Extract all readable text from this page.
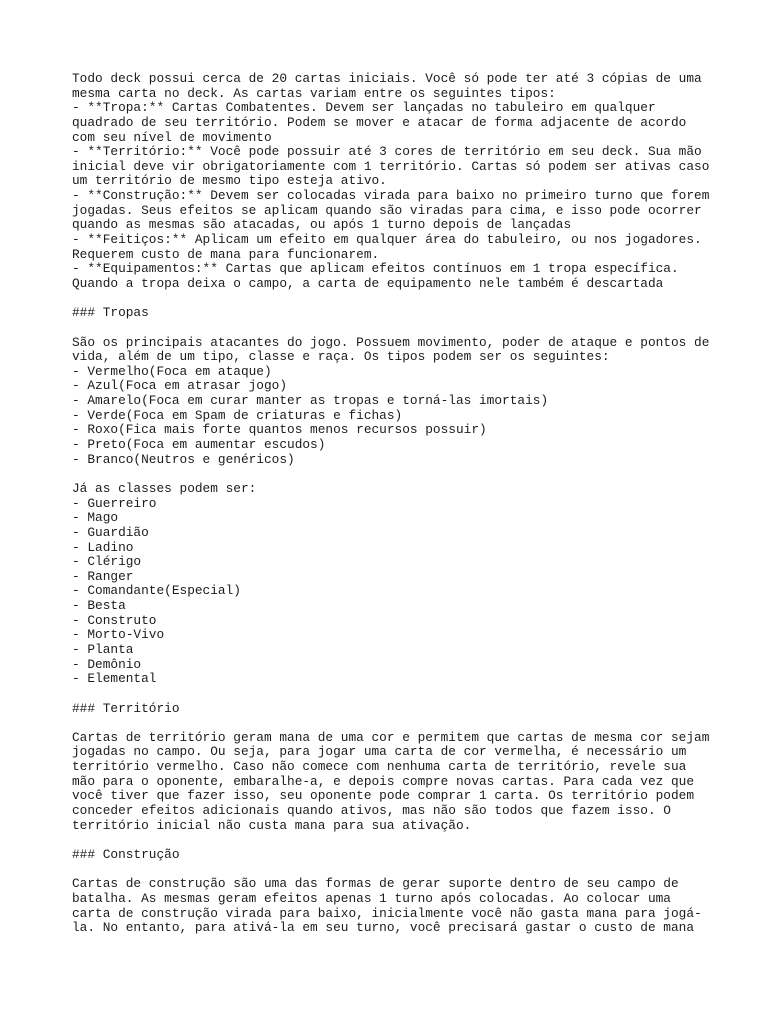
Todo deck possui cerca de 20 cartas iniciais. Você só pode ter até 3 cópias de uma
mesma carta no deck. As cartas variam entre os seguintes tipos:
- **Tropa:** Cartas Combatentes. Devem ser lançadas no tabuleiro em qualquer
quadrado de seu território. Podem se mover e atacar de forma adjacente de acordo
com seu nível de movimento
- **Território:** Você pode possuir até 3 cores de território em seu deck. Sua mão
inicial deve vir obrigatoriamente com 1 território. Cartas só podem ser ativas caso
um território de mesmo tipo esteja ativo.
- **Construção:** Devem ser colocadas virada para baixo no primeiro turno que forem
jogadas. Seus efeitos se aplicam quando são viradas para cima, e isso pode ocorrer
quando as mesmas são atacadas, ou após 1 turno depois de lançadas
- **Feitiços:** Aplicam um efeito em qualquer área do tabuleiro, ou nos jogadores.
Requerem custo de mana para funcionarem.
- **Equipamentos:** Cartas que aplicam efeitos contínuos em 1 tropa específica.
Quando a tropa deixa o campo, a carta de equipamento nele também é descartada
### Tropas
São os principais atacantes do jogo. Possuem movimento, poder de ataque e pontos de
vida, além de um tipo, classe e raça. Os tipos podem ser os seguintes:
- Vermelho(Foca em ataque)
- Azul(Foca em atrasar jogo)
- Amarelo(Foca em curar manter as tropas e torná-las imortais)
- Verde(Foca em Spam de criaturas e fichas)
- Roxo(Fica mais forte quantos menos recursos possuir)
- Preto(Foca em aumentar escudos)
- Branco(Neutros e genéricos)
Já as classes podem ser:
- Guerreiro
- Mago
- Guardião
- Ladino
- Clérigo
- Ranger
- Comandante(Especial)
- Besta
- Construto
- Morto-Vivo
- Planta
- Demônio
- Elemental
### Território
Cartas de território geram mana de uma cor e permitem que cartas de mesma cor sejam
jogadas no campo. Ou seja, para jogar uma carta de cor vermelha, é necessário um
território vermelho. Caso não comece com nenhuma carta de território, revele sua
mão para o oponente, embaralhe-a, e depois compre novas cartas. Para cada vez que
você tiver que fazer isso, seu oponente pode comprar 1 carta. Os território podem
conceder efeitos adicionais quando ativos, mas não são todos que fazem isso. O
território inicial não custa mana para sua ativação.
### Construção
Cartas de construção são uma das formas de gerar suporte dentro de seu campo de
batalha. As mesmas geram efeitos apenas 1 turno após colocadas. Ao colocar uma
carta de construção virada para baixo, inicialmente você não gasta mana para jogá-
la. No entanto, para ativá-la em seu turno, você precisará gastar o custo de mana
